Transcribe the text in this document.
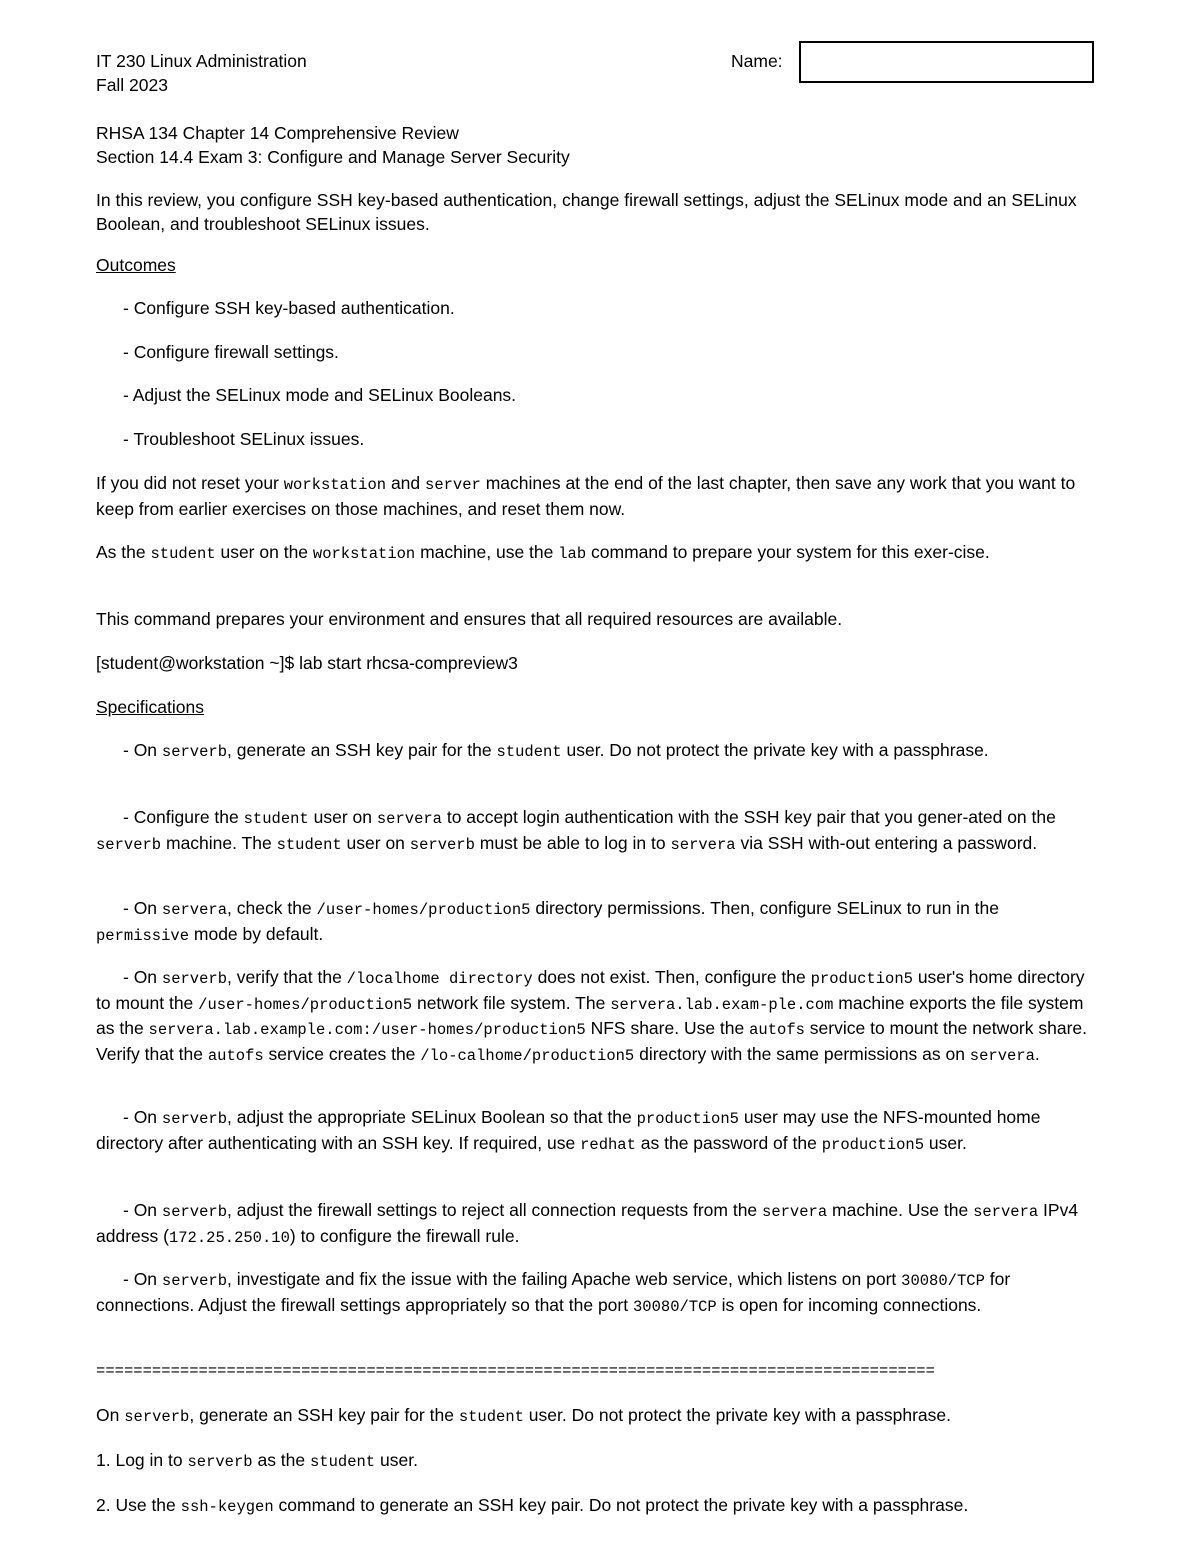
IT 230 Linux Administration
Fall 2023
Name:
RHSA 134 Chapter 14 Comprehensive Review
Section 14.4 Exam 3: Configure and Manage Server Security

In this review, you configure SSH key-based authentication, change firewall settings, adjust the SELinux mode and an SELinux Boolean, and troubleshoot SELinux issues.

Outcomes
- Configure SSH key-based authentication.
- Configure firewall settings.
- Adjust the SELinux mode and SELinux Booleans.
- Troubleshoot SELinux issues.

If you did not reset your workstation and server machines at the end of the last chapter, then save any work that you want to keep from earlier exercises on those machines, and reset them now.

As the student user on the workstation machine, use the lab command to prepare your system for this exer-cise.

This command prepares your environment and ensures that all required resources are available.

[student@workstation ~]$ lab start rhcsa-compreview3
Specifications

- On serverb, generate an SSH key pair for the student user. Do not protect the private key with a passphrase.

- Configure the student user on servera to accept login authentication with the SSH key pair that you gener-ated on the serverb machine. The student user on serverb must be able to log in to servera via SSH with-out entering a password.

- On servera, check the /user-homes/production5 directory permissions. Then, configure SELinux to run in the permissive mode by default.

- On serverb, verify that the /localhome directory does not exist. Then, configure the production5 user's home directory to mount the /user-homes/production5 network file system. The servera.lab.exam-ple.com machine exports the file system as the servera.lab.example.com:/user-homes/production5 NFS share. Use the autofs service to mount the network share. Verify that the autofs service creates the /lo-calhome/production5 directory with the same permissions as on servera.

- On serverb, adjust the appropriate SELinux Boolean so that the production5 user may use the NFS-mounted home directory after authenticating with an SSH key. If required, use redhat as the password of the production5 user.

- On serverb, adjust the firewall settings to reject all connection requests from the servera machine. Use the servera IPv4 address (172.25.250.10) to configure the firewall rule.

- On serverb, investigate and fix the issue with the failing Apache web service, which listens on port 30080/TCP for connections. Adjust the firewall settings appropriately so that the port 30080/TCP is open for incoming connections.

==========================================================================================

On serverb, generate an SSH key pair for the student user. Do not protect the private key with a passphrase.

1. Log in to serverb as the student user.

2. Use the ssh-keygen command to generate an SSH key pair. Do not protect the private key with a passphrase.
